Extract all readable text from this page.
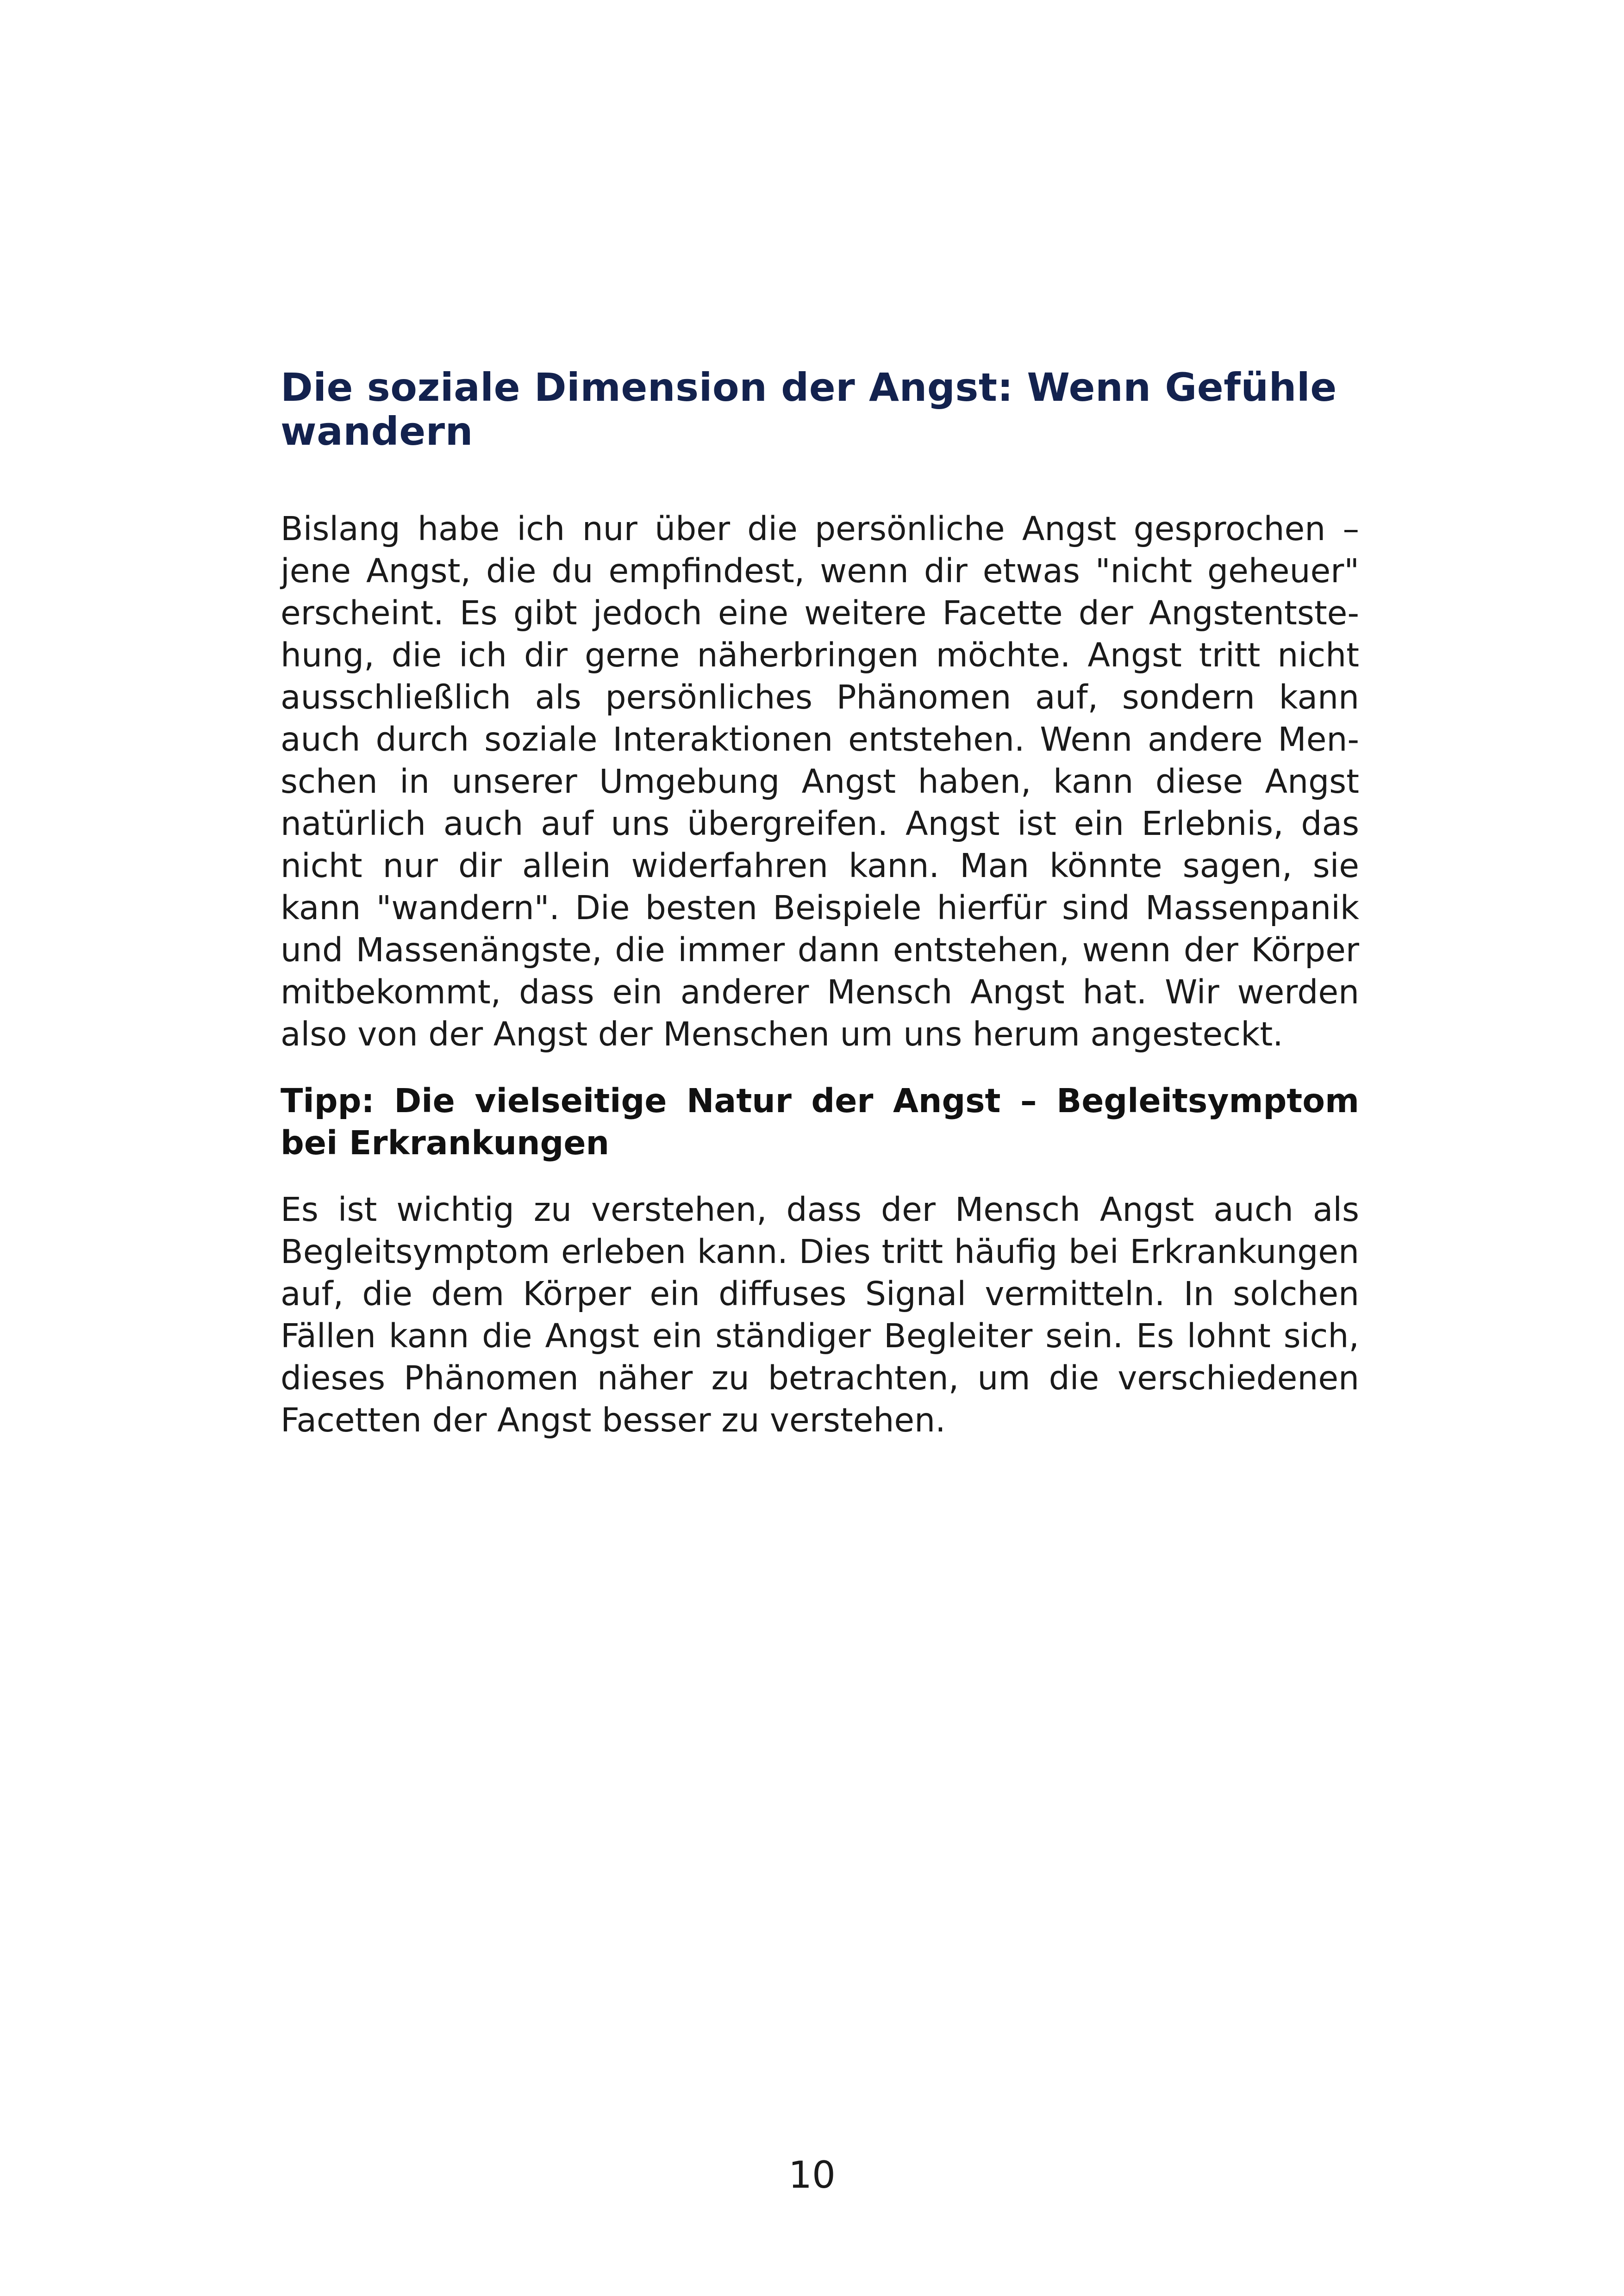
Die soziale Dimension der Angst: Wenn Gefühle wandern

Bislang habe ich nur über die persönliche Angst gesprochen – jene Angst, die du empfindest, wenn dir etwas "nicht geheuer" erscheint. Es gibt jedoch eine weitere Facette der Angstentstehung, die ich dir gerne näherbringen möchte. Angst tritt nicht ausschließlich als persönliches Phänomen auf, sondern kann auch durch soziale Interaktionen entstehen. Wenn andere Menschen in unserer Umgebung Angst haben, kann diese Angst natürlich auch auf uns übergreifen. Angst ist ein Erlebnis, das nicht nur dir allein widerfahren kann. Man könnte sagen, sie kann "wandern". Die besten Beispiele hierfür sind Massenpanik und Massenängste, die immer dann entstehen, wenn der Körper mitbekommt, dass ein anderer Mensch Angst hat. Wir werden also von der Angst der Menschen um uns herum angesteckt.

Tipp: Die vielseitige Natur der Angst – Begleitsymptom bei Erkrankungen

Es ist wichtig zu verstehen, dass der Mensch Angst auch als Begleitsymptom erleben kann. Dies tritt häufig bei Erkrankungen auf, die dem Körper ein diffuses Signal vermitteln. In solchen Fällen kann die Angst ein ständiger Begleiter sein. Es lohnt sich, dieses Phänomen näher zu betrachten, um die verschiedenen Facetten der Angst besser zu verstehen.

10
